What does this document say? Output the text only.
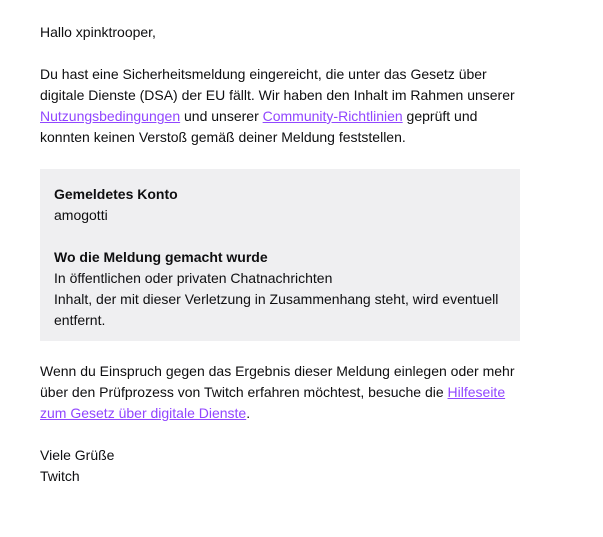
Hallo xpinktrooper,

Du hast eine Sicherheitsmeldung eingereicht, die unter das Gesetz über digitale Dienste (DSA) der EU fällt. Wir haben den Inhalt im Rahmen unserer Nutzungsbedingungen und unserer Community-Richtlinien geprüft und konnten keinen Verstoß gemäß deiner Meldung feststellen.

Gemeldetes Konto

amogotti

Wo die Meldung gemacht wurde

In öffentlichen oder privaten Chatnachrichten

Inhalt, der mit dieser Verletzung in Zusammenhang steht, wird eventuell entfernt.

Wenn du Einspruch gegen das Ergebnis dieser Meldung einlegen oder mehr über den Prüfprozess von Twitch erfahren möchtest, besuche die Hilfeseite zum Gesetz über digitale Dienste.

Viele Grüße

Twitch
